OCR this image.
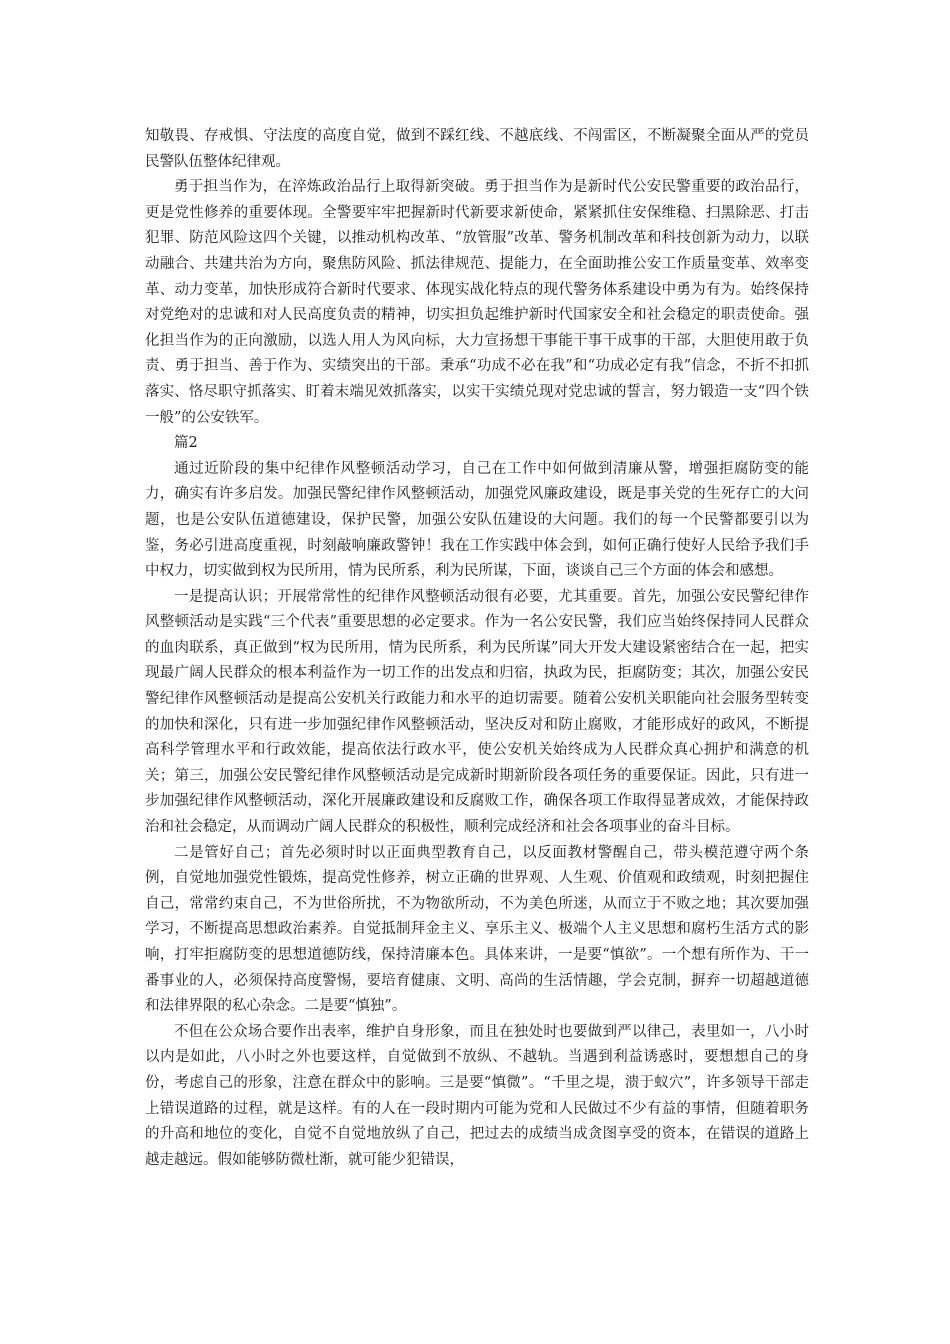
知敬畏、存戒惧、守法度的高度自觉，做到不踩红线、不越底线、不闯雷区，不断凝聚全面从严的党员民警队伍整体纪律观。

勇于担当作为，在淬炼政治品行上取得新突破。勇于担当作为是新时代公安民警重要的政治品行，更是党性修养的重要体现。全警要牢牢把握新时代新要求新使命，紧紧抓住安保维稳、扫黑除恶、打击犯罪、防范风险这四个关键，以推动机构改革、“放管服”改革、警务机制改革和科技创新为动力，以联动融合、共建共治为方向，聚焦防风险、抓法律规范、提能力，在全面助推公安工作质量变革、效率变革、动力变革，加快形成符合新时代要求、体现实战化特点的现代警务体系建设中勇为有为。始终保持对党绝对的忠诚和对人民高度负责的精神，切实担负起维护新时代国家安全和社会稳定的职责使命。强化担当作为的正向激励，以选人用人为风向标，大力宣扬想干事能干事干成事的干部，大胆使用敢于负责、勇于担当、善于作为、实绩突出的干部。秉承“功成不必在我”和“功成必定有我”信念，不折不扣抓落实、恪尽职守抓落实、盯着末端见效抓落实，以实干实绩兑现对党忠诚的誓言，努力锻造一支“四个铁一般”的公安铁军。

篇2

通过近阶段的集中纪律作风整顿活动学习，自己在工作中如何做到清廉从警，增强拒腐防变的能力，确实有许多启发。加强民警纪律作风整顿活动，加强党风廉政建设，既是事关党的生死存亡的大问题，也是公安队伍道德建设，保护民警，加强公安队伍建设的大问题。我们的每一个民警都要引以为鉴，务必引进高度重视，时刻敲响廉政警钟！我在工作实践中体会到，如何正确行使好人民给予我们手中权力，切实做到权为民所用，情为民所系，利为民所谋，下面，谈谈自己三个方面的体会和感想。

一是提高认识；开展常常性的纪律作风整顿活动很有必要，尤其重要。首先，加强公安民警纪律作风整顿活动是实践“三个代表”重要思想的必定要求。作为一名公安民警，我们应当始终保持同人民群众的血肉联系，真正做到“权为民所用，情为民所系，利为民所谋”同大开发大建设紧密结合在一起，把实现最广阔人民群众的根本利益作为一切工作的出发点和归宿，执政为民，拒腐防变；其次，加强公安民警纪律作风整顿活动是提高公安机关行政能力和水平的迫切需要。随着公安机关职能向社会服务型转变的加快和深化，只有进一步加强纪律作风整顿活动，坚决反对和防止腐败，才能形成好的政风，不断提高科学管理水平和行政效能，提高依法行政水平，使公安机关始终成为人民群众真心拥护和满意的机关；第三，加强公安民警纪律作风整顿活动是完成新时期新阶段各项任务的重要保证。因此，只有进一步加强纪律作风整顿活动，深化开展廉政建设和反腐败工作，确保各项工作取得显著成效，才能保持政治和社会稳定，从而调动广阔人民群众的积极性，顺利完成经济和社会各项事业的奋斗目标。

二是管好自己；首先必须时时以正面典型教育自己，以反面教材警醒自己，带头模范遵守两个条例，自觉地加强党性锻炼，提高党性修养，树立正确的世界观、人生观、价值观和政绩观，时刻把握住自己，常常约束自己，不为世俗所扰，不为物欲所动，不为美色所迷，从而立于不败之地；其次要加强学习，不断提高思想政治素养。自觉抵制拜金主义、享乐主义、极端个人主义思想和腐朽生活方式的影响，打牢拒腐防变的思想道德防线，保持清廉本色。具体来讲，一是要“慎欲”。一个想有所作为、干一番事业的人，必须保持高度警惕，要培育健康、文明、高尚的生活情趣，学会克制，摒弃一切超越道德和法律界限的私心杂念。二是要“慎独”。

不但在公众场合要作出表率，维护自身形象，而且在独处时也要做到严以律己，表里如一，八小时以内是如此，八小时之外也要这样，自觉做到不放纵、不越轨。当遇到利益诱惑时，要想想自己的身份，考虑自己的形象，注意在群众中的影响。三是要“慎微”。“千里之堤，溃于蚁穴”，许多领导干部走上错误道路的过程，就是这样。有的人在一段时期内可能为党和人民做过不少有益的事情，但随着职务的升高和地位的变化，自觉不自觉地放纵了自己，把过去的成绩当成贪图享受的资本，在错误的道路上越走越远。假如能够防微杜渐，就可能少犯错误，
